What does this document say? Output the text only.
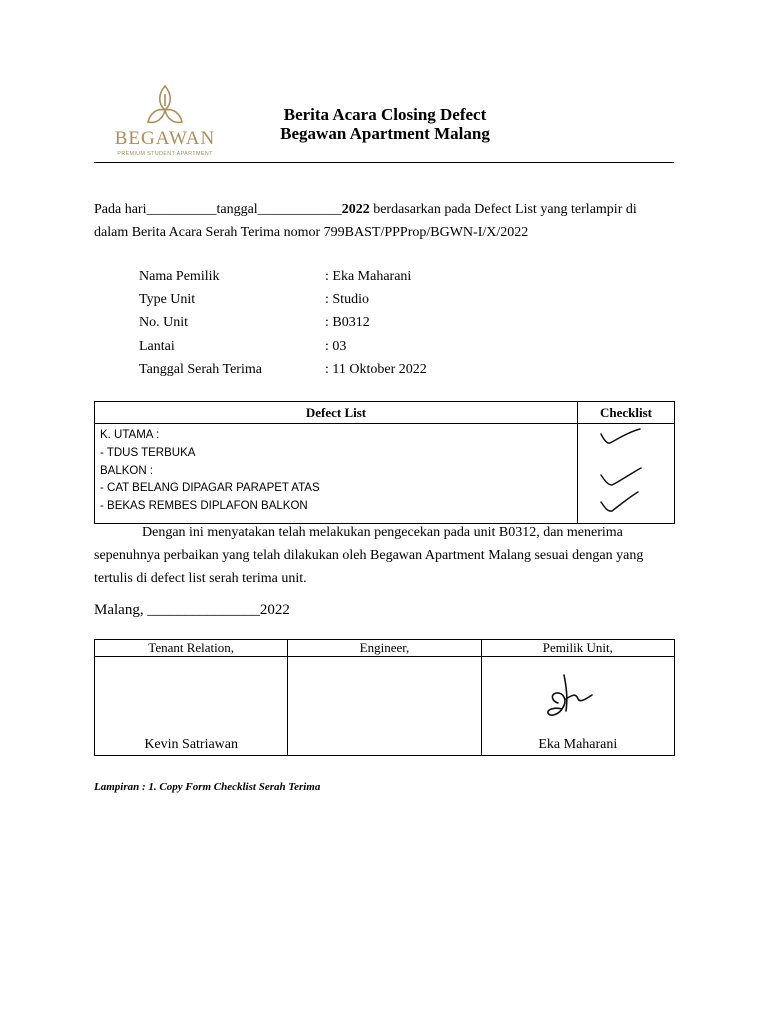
BEGAWAN
PREMIUM STUDENT APARTMENT
Berita Acara Closing Defect
Begawan Apartment Malang
Pada hari__________tanggal____________2022 berdasarkan pada Defect List yang terlampir di
dalam Berita Acara Serah Terima nomor 799BAST/PPProp/BGWN-I/X/2022
Nama Pemilik	: Eka Maharani
Type Unit	: Studio
No. Unit	: B0312
Lantai	: 03
Tanggal Serah Terima	: 11 Oktober 2022
Defect List	Checklist

K. UTAMA :
- TDUS TERBUKA
BALKON :
- CAT BELANG DIPAGAR PARAPET ATAS
- BEKAS REMBES DIPLAFON BALKON

Dengan ini menyatakan telah melakukan pengecekan pada unit B0312, dan menerima
sepenuhnya perbaikan yang telah dilakukan oleh Begawan Apartment Malang sesuai dengan yang
tertulis di defect list serah terima unit.
Malang, _______________2022
Tenant Relation,	Engineer,	Pemilik Unit,
Kevin Satriawan		Eka Maharani
Lampiran : 1. Copy Form Checklist Serah Terima
